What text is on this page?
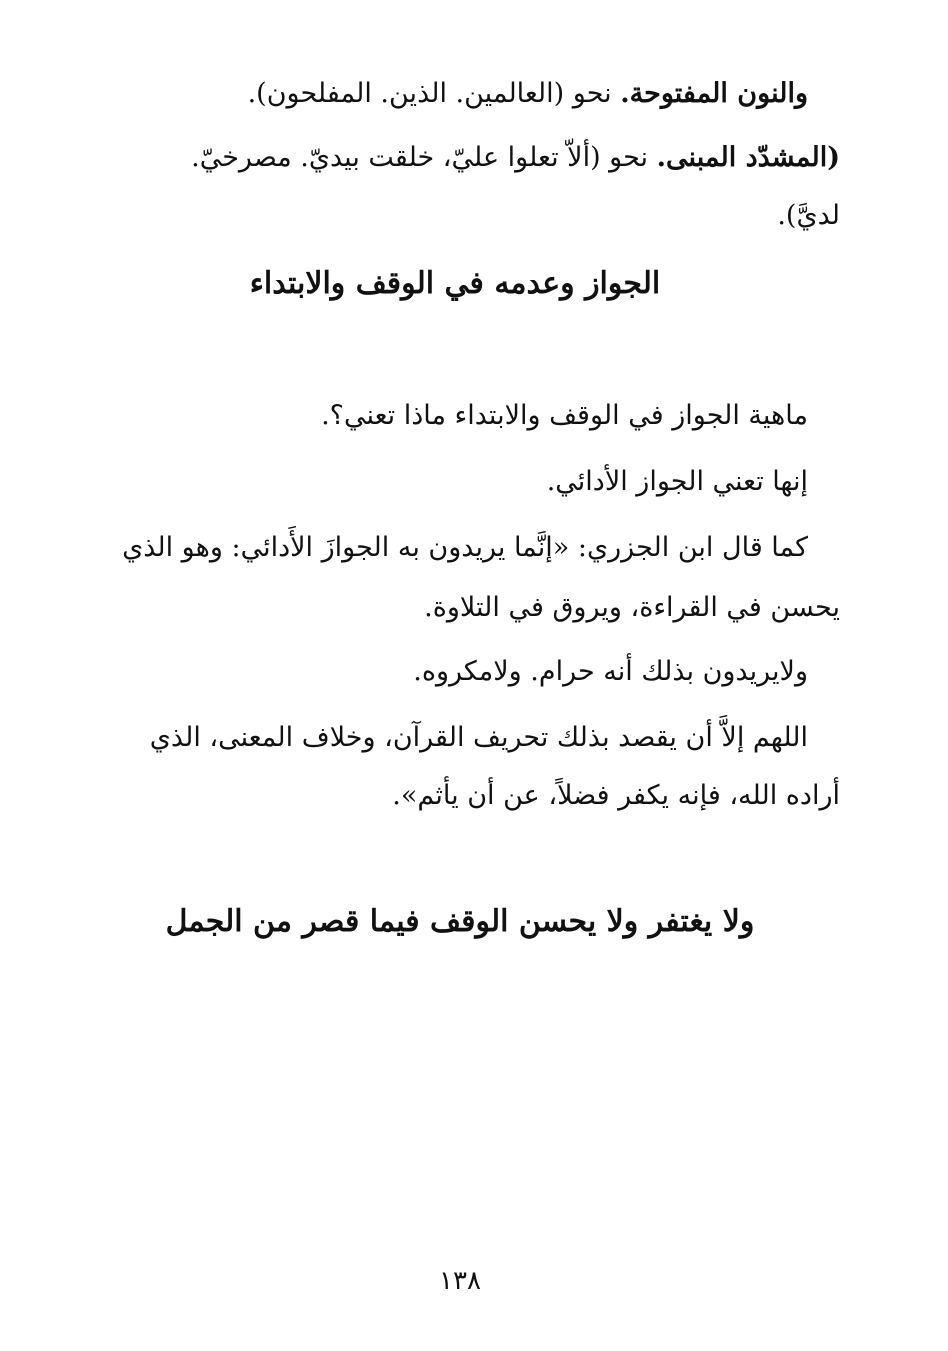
والنون المفتوحة. نحو (العالمين. الذين. المفلحون).
(المشدّد المبنى. نحو (ألاّ تعلوا عليّ، خلقت بيديّ. مصرخيّ.
لديَّ).
الجواز وعدمه في الوقف والابتداء
ماهية الجواز في الوقف والابتداء ماذا تعني؟.
إنها تعني الجواز الأدائي.
كما قال ابن الجزري: «إنَّما يريدون به الجوازَ الأَدائي: وهو الذي
يحسن في القراءة، ويروق في التلاوة.
ولايريدون بذلك أنه حرام. ولامكروه.
اللهم إلاَّ أن يقصد بذلك تحريف القرآن، وخلاف المعنى، الذي
أراده الله، فإنه يكفر فضلاً، عن أن يأثم».
ولا يغتفر ولا يحسن الوقف فيما قصر من الجمل
١٣٨
